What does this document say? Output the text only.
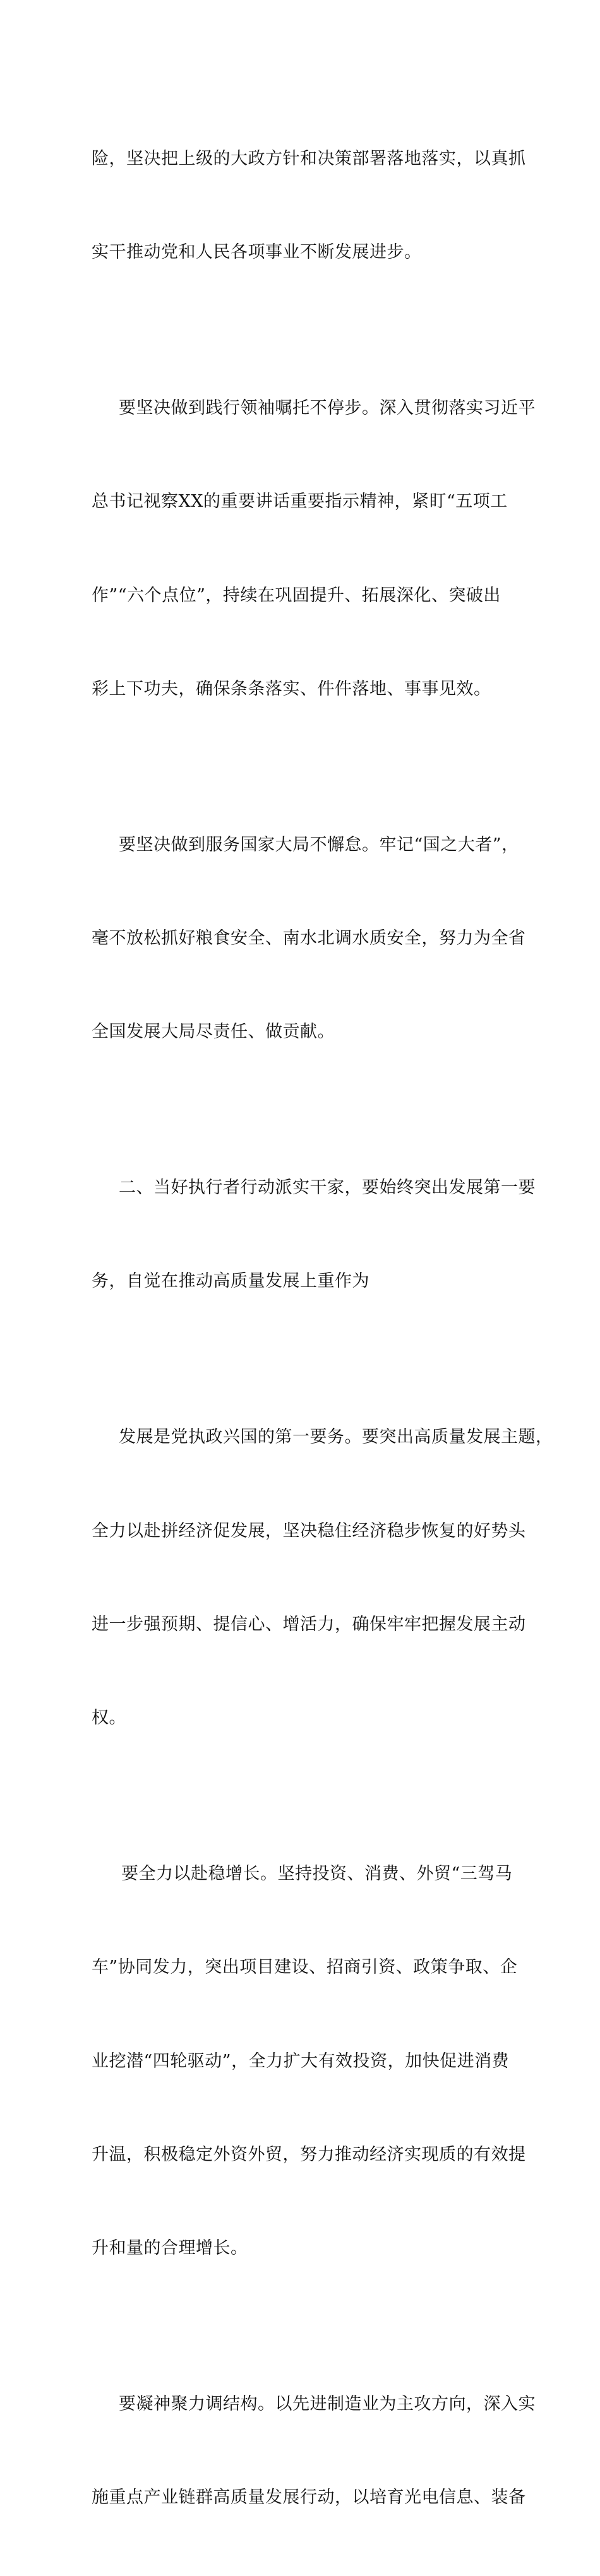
险，坚决把上级的大政方针和决策部署落地落实，以真抓

实干推动党和人民各项事业不断发展进步。

要坚决做到践行领袖嘱托不停步。深入贯彻落实习近平

总书记视察XX的重要讲话重要指示精神，紧盯“五项工

作”“六个点位”，持续在巩固提升、拓展深化、突破出

彩上下功夫，确保条条落实、件件落地、事事见效。

要坚决做到服务国家大局不懈怠。牢记“国之大者”，

毫不放松抓好粮食安全、南水北调水质安全，努力为全省

全国发展大局尽责任、做贡献。

二、当好执行者行动派实干家，要始终突出发展第一要

务，自觉在推动高质量发展上重作为

发展是党执政兴国的第一要务。要突出高质量发展主题，

全力以赴拼经济促发展，坚决稳住经济稳步恢复的好势头

进一步强预期、提信心、增活力，确保牢牢把握发展主动

权。

要全力以赴稳增长。坚持投资、消费、外贸“三驾马

车”协同发力，突出项目建设、招商引资、政策争取、企

业挖潜“四轮驱动”，全力扩大有效投资，加快促进消费

升温，积极稳定外资外贸，努力推动经济实现质的有效提

升和量的合理增长。

要凝神聚力调结构。以先进制造业为主攻方向，深入实

施重点产业链群高质量发展行动，以培育光电信息、装备
